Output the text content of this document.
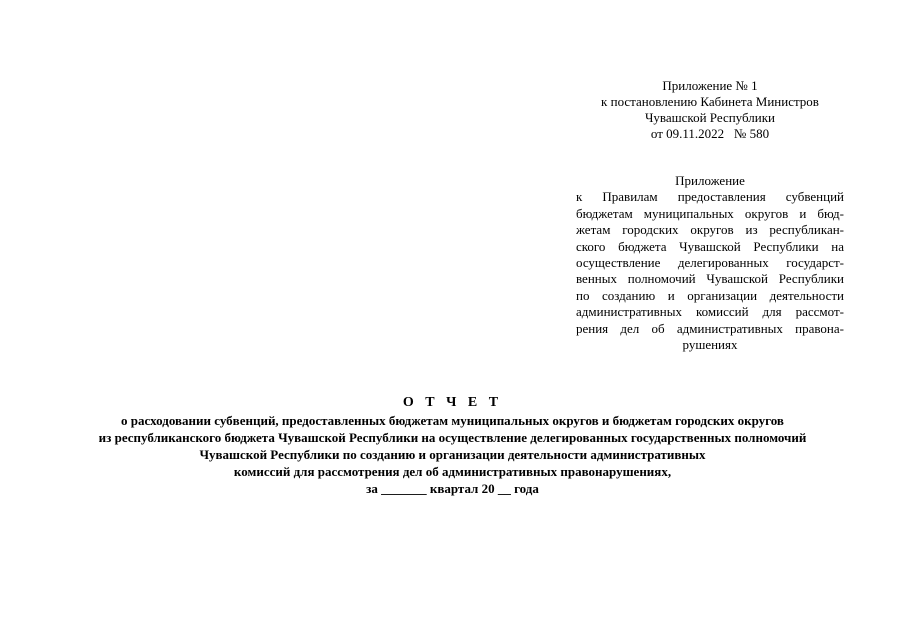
Приложение № 1
к постановлению Кабинета Министров
Чувашской Республики
от 09.11.2022   № 580
Приложение
к Правилам предоставления субвенций
бюджетам муниципальных округов и бюд-
жетам городских округов из республикан-
ского бюджета Чувашской Республики на
осуществление делегированных государст-
венных полномочий Чувашской Республики
по созданию и организации деятельности
административных комиссий для рассмот-
рения дел об административных правона-
рушениях
О Т Ч Е Т
о расходовании субвенций, предоставленных бюджетам муниципальных округов и бюджетам городских округов
из республиканского бюджета Чувашской Республики на осуществление делегированных государственных полномочий
Чувашской Республики по созданию и организации деятельности административных
комиссий для рассмотрения дел об административных правонарушениях,
за _______ квартал 20 __ года
